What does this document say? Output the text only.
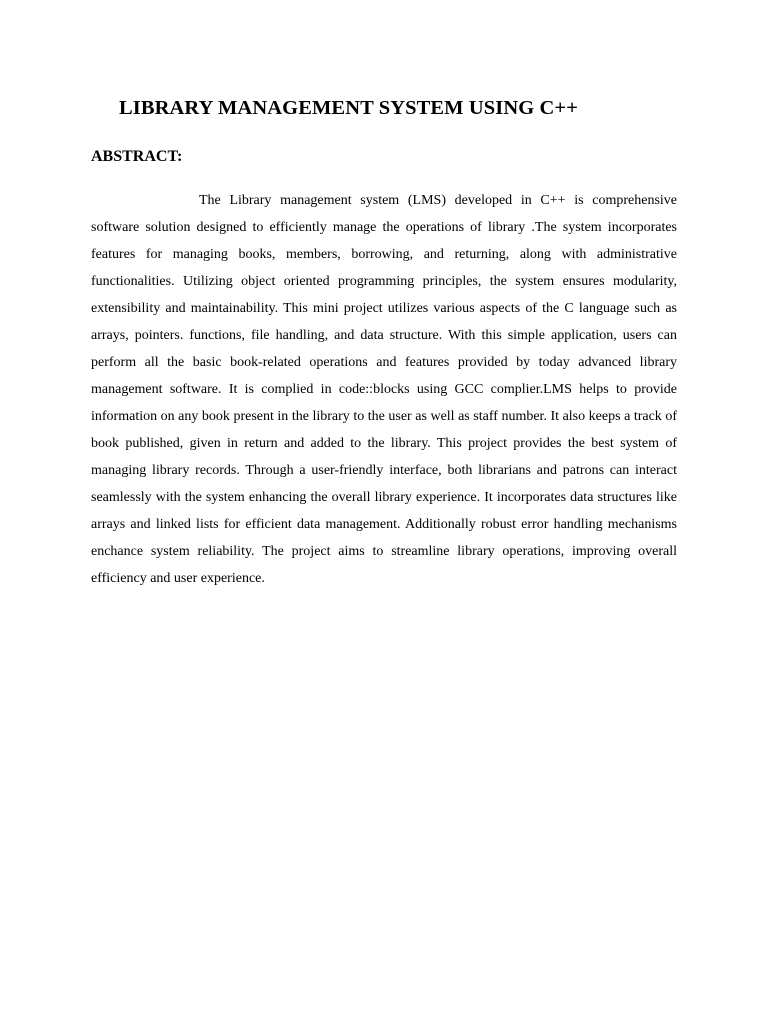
LIBRARY MANAGEMENT SYSTEM USING C++
ABSTRACT:

The Library management system (LMS) developed in C++ is comprehensive software solution designed to efficiently manage the operations of library .The system incorporates features for managing books, members, borrowing, and returning, along with administrative functionalities. Utilizing object oriented programming principles, the system ensures modularity, extensibility and maintainability. This mini project utilizes various aspects of the C language such as arrays, pointers. functions, file handling, and data structure. With this simple application, users can perform all the basic book-related operations and features provided by today advanced library management software. It is complied in code::blocks using GCC complier.LMS helps to provide information on any book present in the library to the user as well as staff number. It also keeps a track of book published, given in return and added to the library. This project provides the best system of managing library records. Through a user-friendly interface, both librarians and patrons can interact seamlessly with the system enhancing the overall library experience. It incorporates data structures like arrays and linked lists for efficient data management. Additionally robust error handling mechanisms enchance system reliability. The project aims to streamline library operations, improving overall efficiency and user experience.
